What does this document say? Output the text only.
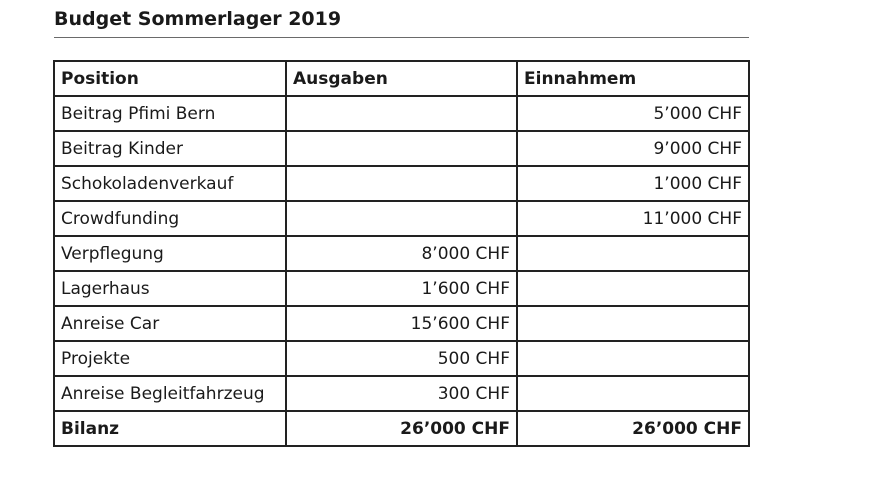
Budget Sommerlager 2019
Position	Ausgaben	Einnahmem
Beitrag Pfimi Bern		5’000 CHF
Beitrag Kinder		9’000 CHF
Schokoladenverkauf		1’000 CHF
Crowdfunding		11’000 CHF
Verpflegung	8’000 CHF	
Lagerhaus	1’600 CHF	
Anreise Car	15’600 CHF	
Projekte	500 CHF	
Anreise Begleitfahrzeug	300 CHF	
Bilanz	26’000 CHF	26’000 CHF
